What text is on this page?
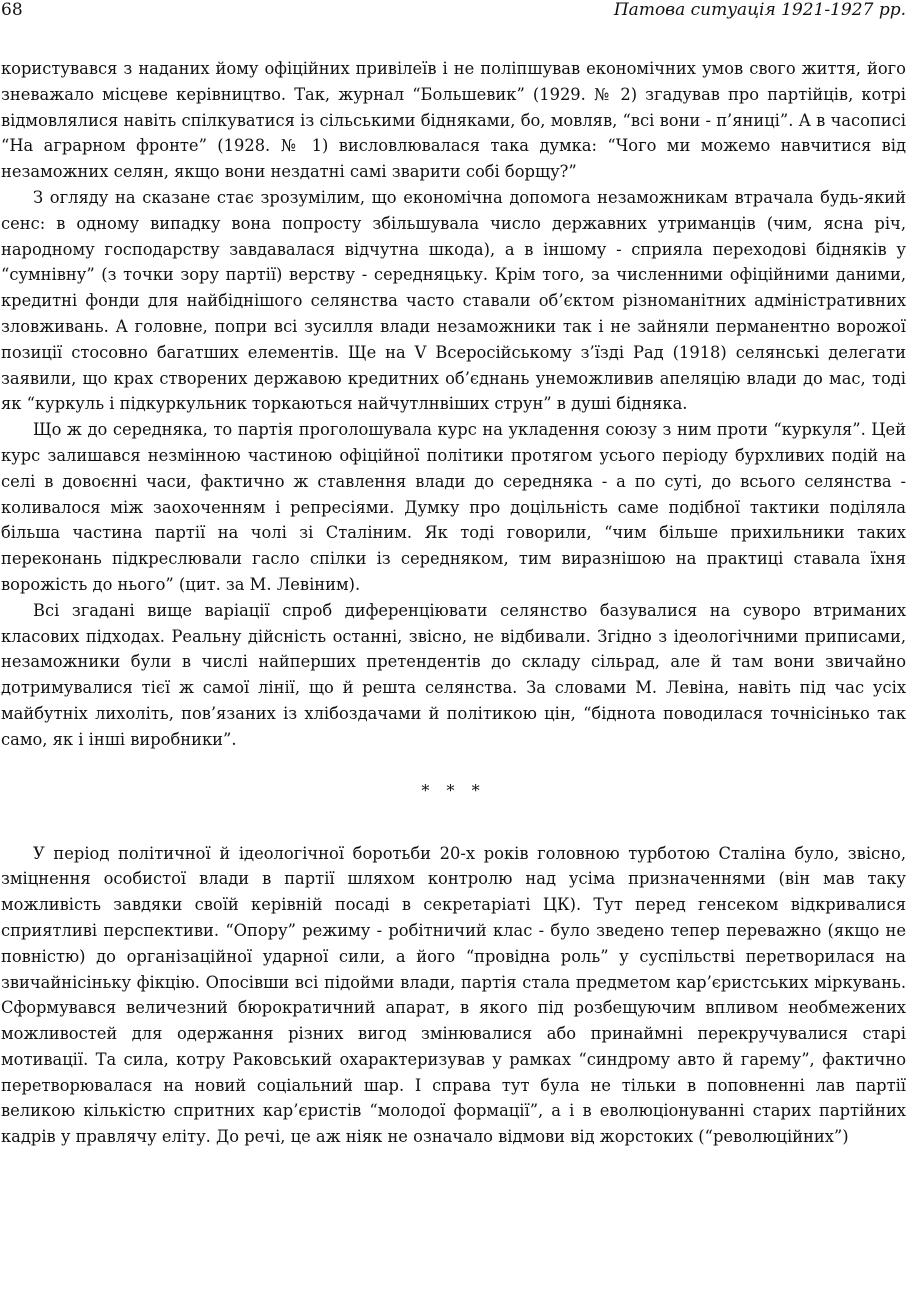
68	Патова ситуація 1921-1927 рр.

користувався з наданих йому офіційних привілеїв і не поліпшував економічних умов свого життя, його зневажало місцеве керівництво. Так, журнал “Большевик” (1929. № 2) згадував про партійців, котрі відмовлялися навіть спілкуватися із сільськими бідняками, бо, мовляв, “всі вони - п’яниці”. А в часописі “На аграрном фронте” (1928. № 1) висловлювалася така думка: “Чого ми можемо навчитися від незаможних селян, якщо вони нездатні самі зварити собі борщу?”

З огляду на сказане стає зрозумілим, що економічна допомога незаможникам втрачала будь-який сенс: в одному випадку вона попросту збільшувала число державних утриманців (чим, ясна річ, народному господарству завдавалася відчутна шкода), а в іншому - сприяла переходові бідняків у “сумнівну” (з точки зору партії) верству - середняцьку. Крім того, за численними офіційними даними, кредитні фонди для найбіднішого селянства часто ставали об’єктом різноманітних адміністративних зловживань. А головне, попри всі зусилля влади незаможники так і не зайняли перманентно ворожої позиції стосовно багатших елементів. Ще на V Всеросійському з’їзді Рад (1918) селянські делегати заявили, що крах створених державою кредитних об’єднань унеможливив апеляцію влади до мас, тоді як “куркуль і підкуркульник торкаються найчутлнвіших струн” в душі бідняка.

Що ж до середняка, то партія проголошувала курс на укладення союзу з ним проти “куркуля”. Цей курс залишався незмінною частиною офіційної політики протягом усього періоду бурхливих подій на селі в довоєнні часи, фактично ж ставлення влади до середняка - а по суті, до всього селянства - коливалося між заохоченням і репресіями. Думку про доцільність саме подібної тактики поділяла більша частина партії на чолі зі Сталіним. Як тоді говорили, “чим більше прихильники таких переконань підкреслювали гасло спілки із середняком, тим виразнішою на практиці ставала їхня ворожість до нього” (цит. за М. Левіним).

Всі згадані вище варіації спроб диференціювати селянство базувалися на суворо втриманих класових підходах. Реальну дійсність останні, звісно, не відбивали. Згідно з ідеологічними приписами, незаможники були в числі найперших претендентів до складу сільрад, але й там вони звичайно дотримувалися тієї ж самої лінії, що й решта селянства. За словами М. Левіна, навіть під час усіх майбутніх лихоліть, пов’язаних із хлібоздачами й політикою цін, “біднота поводилася точнісінько так само, як і інші виробники”.

* * *

У період політичної й ідеологічної боротьби 20-х років головною турботою Сталіна було, звісно, зміцнення особистої влади в партії шляхом контролю над усіма призначеннями (він мав таку можливість завдяки своїй керівній посаді в секретаріаті ЦК). Тут перед генсеком відкривалися сприятливі перспективи. “Опору” режиму - робітничий клас - було зведено тепер переважно (якщо не повністю) до організаційної ударної сили, а його “провідна роль” у суспільстві перетворилася на звичайнісіньку фікцію. Опосівши всі підойми влади, партія стала предметом кар’єристських міркувань. Сформувався величезний бюрократичний апарат, в якого під розбещуючим впливом необмежених можливостей для одержання різних вигод змінювалися або принаймні перекручувалися старі мотивації. Та сила, котру Раковський охарактеризував у рамках “синдрому авто й гарему”, фактично перетворювалася на новий соціальний шар. І справа тут була не тільки в поповненні лав партії великою кількістю спритних кар’єристів “молодої формації”, а і в еволюціонуванні старих партійних кадрів у правлячу еліту. До речі, це аж ніяк не означало відмови від жорстоких (“революційних”)
